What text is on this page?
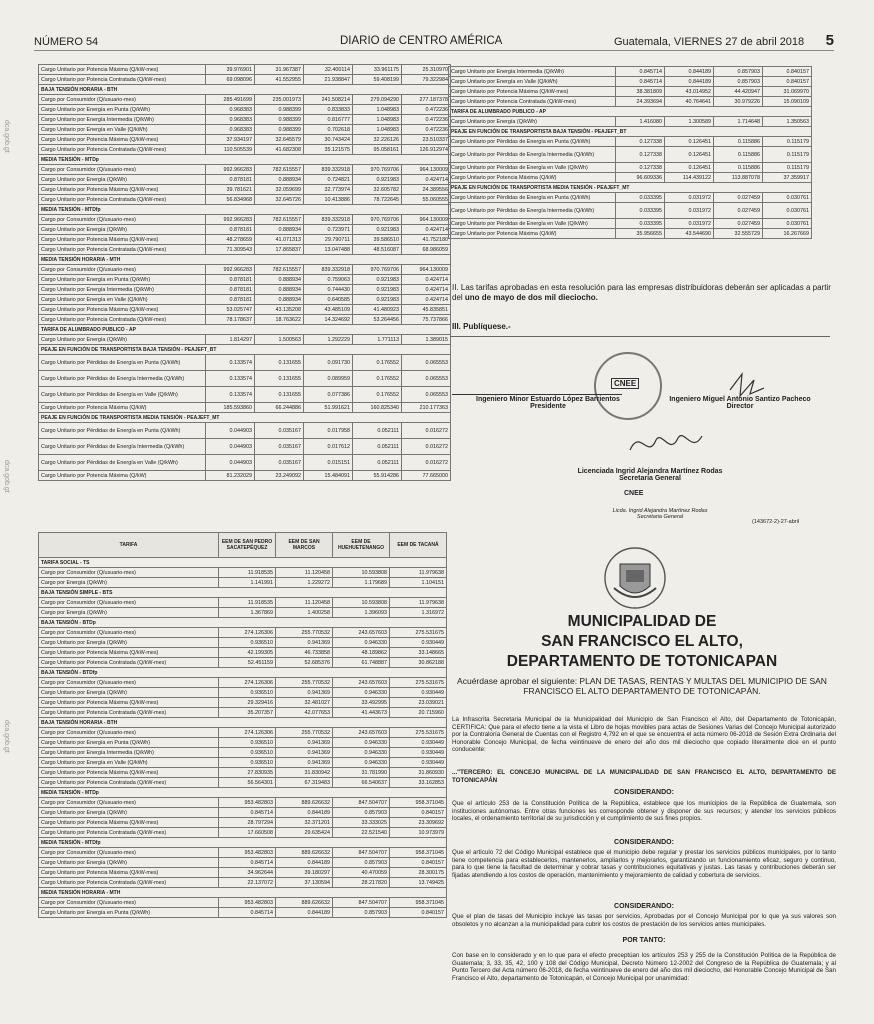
NÚMERO 54	DIARIO de CENTRO AMÉRICA	Guatemala, VIERNES 27 de abril 2018 5
dca.gob.gt
dca.gob.gt
dca.gob.gt
Cargo Unitario por Potencia Máxima (Q/kW-mes)	39.976901	31.967387	32.400114	33.961175	25.310970
Cargo Unitario por Potencia Contratada (Q/kW-mes)	69.098096	41.552955	21.938847	59.408199	79.322984
BAJA TENSIÓN HORARIA - BTH					
Cargo por Consumidor (Q/usuario-mes)	285.491699	235.001973	241.508214	279.094290	277.187378
Cargo Unitario por Energía en Punta (Q/kWh)	0.968383	0.988399	0.833833	1.048983	0.472236
Cargo Unitario por Energía Intermedia (Q/kWh)	0.968383	0.988399	0.816777	1.048983	0.472236
Cargo Unitario por Energía en Valle (Q/kWh)	0.968383	0.988399	0.702618	1.048983	0.472236
Cargo Unitario por Potencia Máxima (Q/kW-mes)	37.934197	32.645579	30.743424	32.226126	23.510337
Cargo Unitario por Potencia Contratada (Q/kW-mes)	110.505539	41.682308	35.121575	95.058161	126.912974
MEDIA TENSIÓN - MTDp					
Cargo por Consumidor (Q/usuario-mes)	992.966283	782.615557	839.332918	970.769706	964.130009
Cargo Unitario por Energía (Q/kWh)	0.878181	0.888934	0.724821	0.921983	0.424714
Cargo Unitario por Potencia Máxima (Q/kW-mes)	39.781621	32.059699	32.773974	32.605782	24.389556
Cargo Unitario por Potencia Contratada (Q/kW-mes)	56.834968	32.645726	10.413886	78.722645	55.060555
MEDIA TENSIÓN - MTDfp					
Cargo por Consumidor (Q/usuario-mes)	992.966283	782.615557	839.332918	970.769706	964.130009
Cargo Unitario por Energía (Q/kWh)	0.878181	0.888934	0.723971	0.921983	0.424714
Cargo Unitario por Potencia Máxima (Q/kW-mes)	48.278659	41.071313	29.790711	39.586510	41.752180
Cargo Unitario por Potencia Contratada (Q/kW-mes)	71.309543	17.865837	13.047488	48.516087	68.986059
MEDIA TENSIÓN HORARIA - MTH					
Cargo por Consumidor (Q/usuario-mes)	992.966283	782.615557	839.332918	970.769706	964.130009
Cargo Unitario por Energía en Punta (Q/kWh)	0.878181	0.888934	0.759063	0.921983	0.424714
Cargo Unitario por Energía Intermedia (Q/kWh)	0.878181	0.888934	0.744430	0.921983	0.424714
Cargo Unitario por Energía en Valle (Q/kWh)	0.878181	0.888934	0.640585	0.921983	0.424714
Cargo Unitario por Potencia Máxima (Q/kW-mes)	53.025747	43.135208	43.485109	41.480923	45.835851
Cargo Unitario por Potencia Contratada (Q/kW-mes)	78.178637	18.763622	14.324692	53.264456	75.737866
TARIFA DE ALUMBRADO PUBLICO - AP					
Cargo Unitario por Energía (Q/kWh)	1.814297	1.500563	1.292229	1.771113	1.389015
PEAJE EN FUNCIÓN DE TRANSPORTISTA BAJA TENSIÓN - PEAJEFT_BT					
Cargo Unitario por Pérdidas de Energía en Punta (Q/kWh)	0.133574	0.131655	0.091730	0.176552	0.065553
Cargo Unitario por Pérdidas de Energía Intermedia (Q/kWh)	0.133574	0.131655	0.089959	0.176552	0.065553
Cargo Unitario por Pérdidas de Energía en Valle (Q/kWh)	0.133574	0.131655	0.077386	0.176552	0.065553
Cargo Unitario por Potencia Máxima (Q/kW)	185.593860	66.244886	51.991621	160.825340	210.177363
PEAJE EN FUNCIÓN DE TRANSPORTISTA MEDIA TENSIÓN - PEAJEFT_MT					
Cargo Unitario por Pérdidas de Energía en Punta (Q/kWh)	0.044903	0.035167	0.017958	0.052111	0.016272
Cargo Unitario por Pérdidas de Energía Intermedia (Q/kWh)	0.044903	0.035167	0.017612	0.052111	0.016272
Cargo Unitario por Pérdidas de Energía en Valle (Q/kWh)	0.044903	0.035167	0.015151	0.052111	0.016272
Cargo Unitario por Potencia Máxima (Q/kW)	81.232029	23.249092	15.484091	55.914286	77.665000
TARIFA	EEM DE SAN PEDRO SACATEPÉQUEZ	EEM DE SAN MARCOS	EEM DE HUEHUETENANGO	EEM DE TACANÁ
TARIFA SOCIAL - TS				
Cargo por Consumidor (Q/usuario-mes)	11.918535	11.120458	10.593808	11.979638
Cargo por Energía (Q/kWh)	1.141991	1.229272	1.179689	1.104151
BAJA TENSIÓN SIMPLE - BTS				
Cargo por Consumidor (Q/usuario-mes)	11.918535	11.120458	10.593808	11.979638
Cargo por Energía (Q/kWh)	1.367869	1.400258	1.396093	1.316972
BAJA TENSIÓN - BTDp				
Cargo por Consumidor (Q/usuario-mes)	274.126306	255.770532	243.657603	275.531675
Cargo Unitario por Energía (Q/kWh)	0.936510	0.941369	0.946330	0.930449
Cargo Unitario por Potencia Máxima (Q/kW-mes)	42.199305	46.733858	48.189862	33.148665
Cargo Unitario por Potencia Contratada (Q/kW-mes)	52.451159	52.685376	61.748887	30.862188
BAJA TENSIÓN - BTDfp				
Cargo por Consumidor (Q/usuario-mes)	274.126306	255.770532	243.657603	275.531675
Cargo Unitario por Energía (Q/kWh)	0.936510	0.941369	0.946330	0.930449
Cargo Unitario por Potencia Máxima (Q/kW-mes)	29.329416	32.481027	33.492995	23.039021
Cargo Unitario por Potencia Contratada (Q/kW-mes)	35.207357	42.077653	41.443673	20.715960
BAJA TENSIÓN HORARIA - BTH				
Cargo por Consumidor (Q/usuario-mes)	274.126306	255.770532	243.657603	275.531675
Cargo Unitario por Energía en Punta (Q/kWh)	0.936510	0.941369	0.946330	0.930449
Cargo Unitario por Energía Intermedia (Q/kWh)	0.936510	0.941369	0.946330	0.930449
Cargo Unitario por Energía en Valle (Q/kWh)	0.936510	0.941369	0.946330	0.930449
Cargo Unitario por Potencia Máxima (Q/kW-mes)	27.830935	31.830942	31.781990	31.860930
Cargo Unitario por Potencia Contratada (Q/kW-mes)	56.564301	67.319483	66.540637	33.162853
MEDIA TENSIÓN - MTDp				
Cargo por Consumidor (Q/usuario-mes)	953.482803	889.626632	847.504707	958.371045
Cargo Unitario por Energía (Q/kWh)	0.845714	0.844189	0.857903	0.840157
Cargo Unitario por Potencia Máxima (Q/kW-mes)	28.797294	32.371201	33.333025	23.309692
Cargo Unitario por Potencia Contratada (Q/kW-mes)	17.660508	29.635424	22.521540	10.973979
MEDIA TENSIÓN - MTDfp				
Cargo por Consumidor (Q/usuario-mes)	953.482803	889.626632	847.504707	958.371045
Cargo Unitario por Energía (Q/kWh)	0.845714	0.844189	0.857903	0.840157
Cargo Unitario por Potencia Máxima (Q/kW-mes)	34.962644	39.180297	40.470059	28.300175
Cargo Unitario por Potencia Contratada (Q/kW-mes)	22.137072	37.130594	28.217820	13.749425
MEDIA TENSIÓN HORARIA - MTH				
Cargo por Consumidor (Q/usuario-mes)	953.482803	889.626632	847.504707	958.371045
Cargo Unitario por Energía en Punta (Q/kWh)	0.845714	0.844189	0.857903	0.840157
Cargo Unitario por Energía Intermedia (Q/kWh)	0.845714	0.844189	0.857903	0.840157
Cargo Unitario por Energía en Valle (Q/kWh)	0.845714	0.844189	0.857903	0.840157
Cargo Unitario por Potencia Máxima (Q/kW-mes)	38.381809	43.014952	44.420947	31.069970
Cargo Unitario por Potencia Contratada (Q/kW-mes)	24.393694	40.764641	30.979226	15.090109
TARIFA DE ALUMBRADO PUBLICO - AP				
Cargo Unitario por Energía (Q/kWh)	1.416080	1.300589	1.714648	1.350563
PEAJE EN FUNCIÓN DE TRANSPORTISTA BAJA TENSIÓN - PEAJEFT_BT				
Cargo Unitario por Pérdidas de Energía en Punta (Q/kWh)	0.127338	0.126451	0.115886	0.115179
Cargo Unitario por Pérdidas de Energía Intermedia (Q/kWh)	0.127338	0.126451	0.115886	0.115179
Cargo Unitario por Pérdidas de Energía en Valle (Q/kWh)	0.127338	0.126451	0.115886	0.115179
Cargo Unitario por Potencia Máxima (Q/kW)	96.609336	114.439122	113.887078	37.359917
PEAJE EN FUNCIÓN DE TRANSPORTISTA MEDIA TENSIÓN - PEAJEFT_MT				
Cargo Unitario por Pérdidas de Energía en Punta (Q/kWh)	0.033395	0.031972	0.027459	0.030761
Cargo Unitario por Pérdidas de Energía Intermedia (Q/kWh)	0.033395	0.031972	0.027459	0.030761
Cargo Unitario por Pérdidas de Energía en Valle (Q/kWh)	0.033395	0.031972	0.027459	0.030761
Cargo Unitario por Potencia Máxima (Q/kW)	35.956655	43.544690	32.555729	16.267669
II. Las tarifas aprobadas en esta resolución para las empresas distribuidoras deberán ser aplicadas a partir del uno de mayo de dos mil dieciocho.
III. Publíquese.-
CNEE
Ingeniero Minor Estuardo López Barrientos
Presidente
Ingeniero Miguel Antonio Santizo Pacheco
Director
Licenciada Ingrid Alejandra Martínez Rodas
Secretaria General
CNEE
Licda. Ingrid Alejandra Martínez Rodas
Secretaria General
(143672-2)-27-abril
MUNICIPALIDAD DE
SAN FRANCISCO EL ALTO,
DEPARTAMENTO DE TOTONICAPAN
Acuérdase aprobar el siguiente: PLAN DE TASAS, RENTAS Y MULTAS DEL MUNICIPIO DE SAN FRANCISCO EL ALTO DEPARTAMENTO DE TOTONICAPÁN.
La Infrascrita Secretaria Municipal de la Municipalidad del Municipio de San Francisco el Alto, del Departamento de Totonicapán, CERTIFICA: Que para el efecto tiene a la vista el Libro de hojas movibles para actas de Sesiones Varias del Concejo Municipal autorizado por la Contraloría General de Cuentas con el Registro 4,792 en el que se encuentra el acta número 06-2018 de Sesión Extra Ordinaria del Honorable Concejo Municipal, de fecha veintinueve de enero del año dos mil dieciocho que copiado literalmente dice en el punto conducente:
..."TERCERO: EL CONCEJO MUNICIPAL DE LA MUNICIPALIDAD DE SAN FRANCISCO EL ALTO, DEPARTAMENTO DE TOTONICAPÁN
CONSIDERANDO:
Que el artículo 253 de la Constitución Política de la República, establece que los municipios de la República de Guatemala, son instituciones autónomas. Entre otras funciones les corresponde obtener y disponer de sus recursos; y atender los servicios públicos locales, el ordenamiento territorial de su jurisdicción y el cumplimiento de sus fines propios.
CONSIDERANDO:
Que el artículo 72 del Código Municipal establece que el municipio debe regular y prestar los servicios públicos municipales, por lo tanto tiene competencia para establecerlos, mantenerlos, ampliarlos y mejorarlos, garantizando un funcionamiento eficaz, seguro y continuo, para lo que tiene la facultad de determinar y cobrar tasas y contribuciones equitativas y justas. Las tasas y contribuciones deberán ser fijadas atendiendo a los costos de operación, mantenimiento y mejoramiento de calidad y cobertura de servicios.
CONSIDERANDO:
Que el plan de tasas del Municipio incluye las tasas por servicios, Aprobadas por el Concejo Municipal por lo que ya sus valores son obsoletos y no alcanzan a la municipalidad para cubrir los costos de prestación de los servicios antes municipales.
POR TANTO:
Con base en lo considerado y en lo que para el efecto preceptúan los artículos 253 y 255 de la Constitución Política de la República de Guatemala; 3, 33, 35, 42, 100 y 108 del Código Municipal, Decreto Número 12-2002 del Congreso de la República de Guatemala; y al Punto Tercero del Acta número 06-2018, de fecha veintinueve de enero del año dos mil dieciocho, del Honorable Concejo Municipal de San Francisco el Alto, departamento de Totonicapán, el Concejo Municipal por unanimidad:
